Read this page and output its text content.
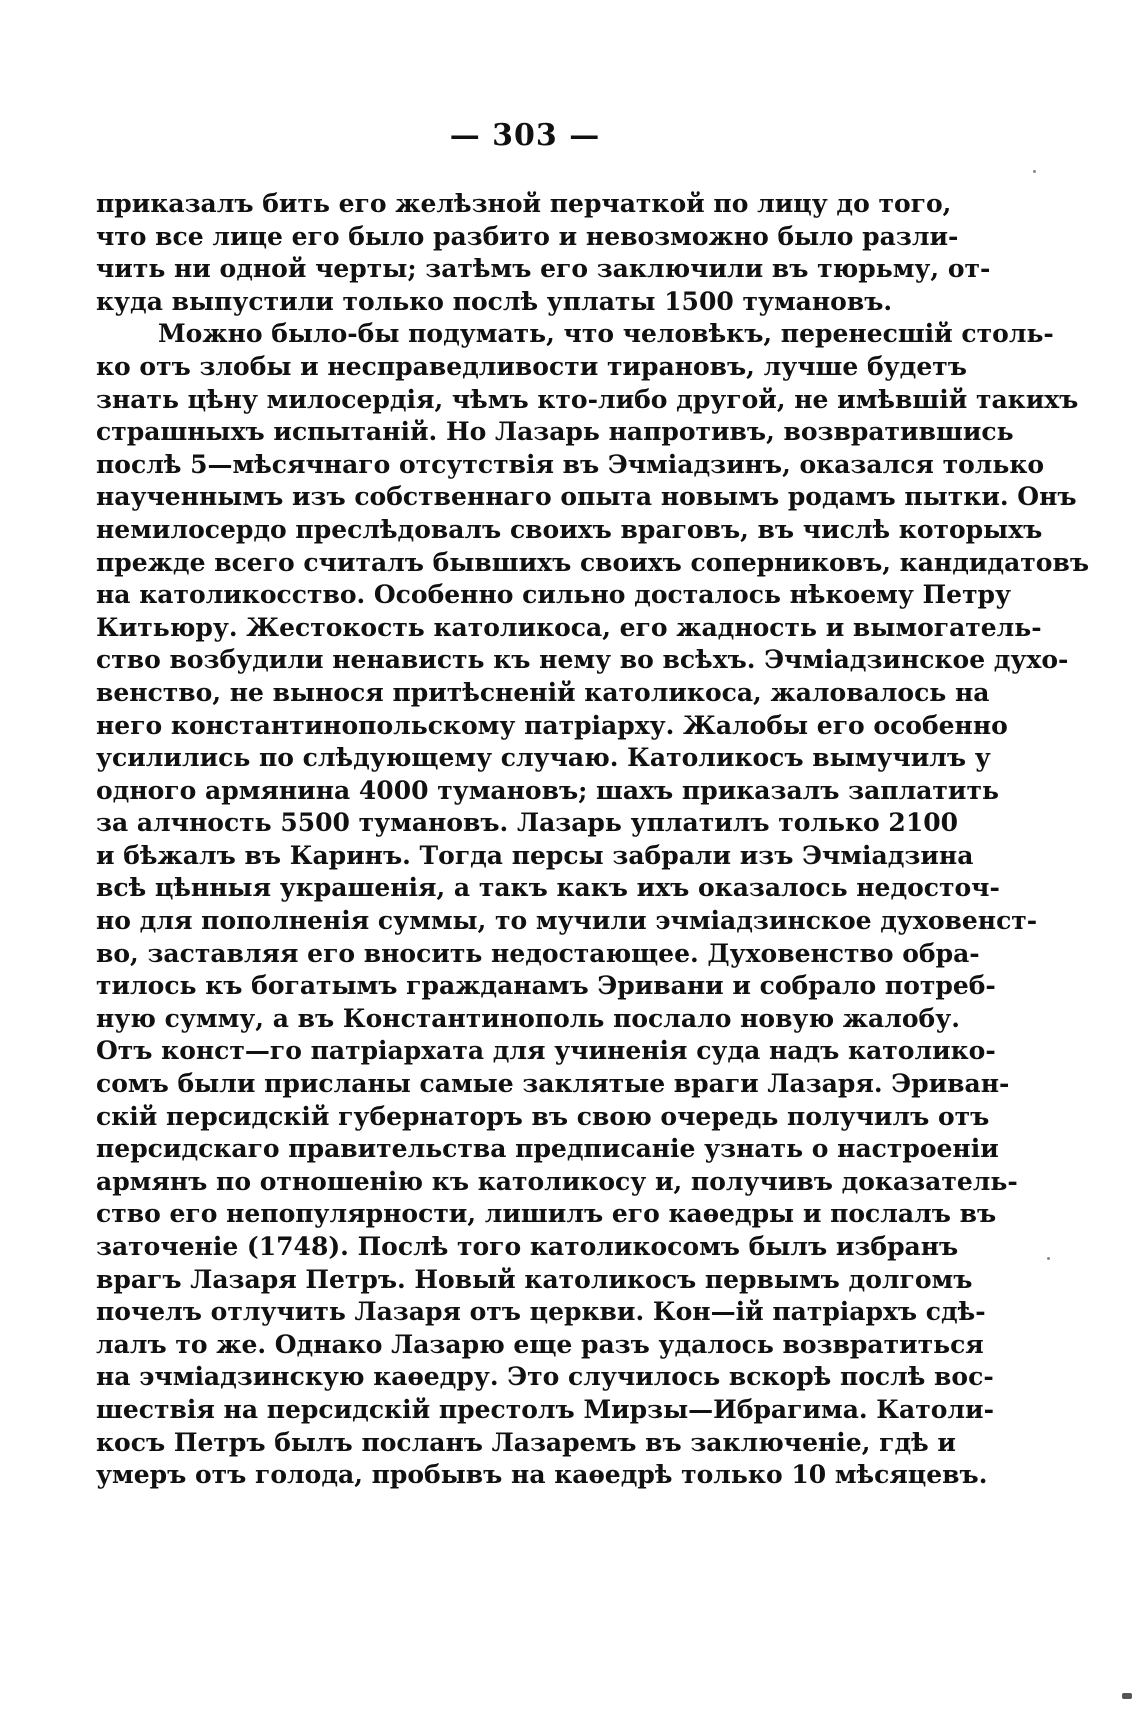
— 303 —
приказалъ бить его желѣзной перчаткой по лицу до того,
что все лице его было разбито и невозможно было разли-
чить ни одной черты; затѣмъ его заключили въ тюрьму, от-
куда выпустили только послѣ уплаты 1500 тумановъ.
Можно было-бы подумать, что человѣкъ, перенесшій столь-
ко отъ злобы и несправедливости тирановъ, лучше будетъ
знать цѣну милосердія, чѣмъ кто-либо другой, не имѣвшій такихъ
страшныхъ испытаній. Но Лазарь напротивъ, возвратившись
послѣ 5—мѣсячнаго отсутствія въ Эчміадзинъ, оказался только
наученнымъ изъ собственнаго опыта новымъ родамъ пытки. Онъ
немилосердо преслѣдовалъ своихъ враговъ, въ числѣ которыхъ
прежде всего считалъ бывшихъ своихъ соперниковъ, кандидатовъ
на католикосство. Особенно сильно досталось нѣкоему Петру
Китьюру. Жестокость католикоса, его жадность и вымогатель-
ство возбудили ненависть къ нему во всѣхъ. Эчміадзинское духо-
венство, не вынося притѣсненій католикоса, жаловалось на
него константинопольскому патріарху. Жалобы его особенно
усилились по слѣдующему случаю. Католикосъ вымучилъ у
одного армянина 4000 тумановъ; шахъ приказалъ заплатить
за алчность 5500 тумановъ. Лазарь уплатилъ только 2100
и бѣжалъ въ Каринъ. Тогда персы забрали изъ Эчміадзина
всѣ цѣнныя украшенія, а такъ какъ ихъ оказалось недосточ-
но для пополненія суммы, то мучили эчміадзинское духовенст-
во, заставляя его вносить недостающее. Духовенство обра-
тилось къ богатымъ гражданамъ Эривани и собрало потреб-
ную сумму, а въ Константинополь послало новую жалобу.
Отъ конст—го патріархата для учиненія суда надъ католико-
сомъ были присланы самые заклятые враги Лазаря. Эриван-
скій персидскій губернаторъ въ свою очередь получилъ отъ
персидскаго правительства предписаніе узнать о настроеніи
армянъ по отношенію къ католикосу и, получивъ доказатель-
ство его непопулярности, лишилъ его каѳедры и послалъ въ
заточеніе (1748). Послѣ того католикосомъ былъ избранъ
врагъ Лазаря Петръ. Новый католикосъ первымъ долгомъ
почелъ отлучить Лазаря отъ церкви. Кон—ій патріархъ сдѣ-
лалъ то же. Однако Лазарю еще разъ удалось возвратиться
на эчміадзинскую каѳедру. Это случилось вскорѣ послѣ вос-
шествія на персидскій престолъ Мирзы—Ибрагима. Католи-
косъ Петръ былъ посланъ Лазаремъ въ заключеніе, гдѣ и
умеръ отъ голода, пробывъ на каѳедрѣ только 10 мѣсяцевъ.
